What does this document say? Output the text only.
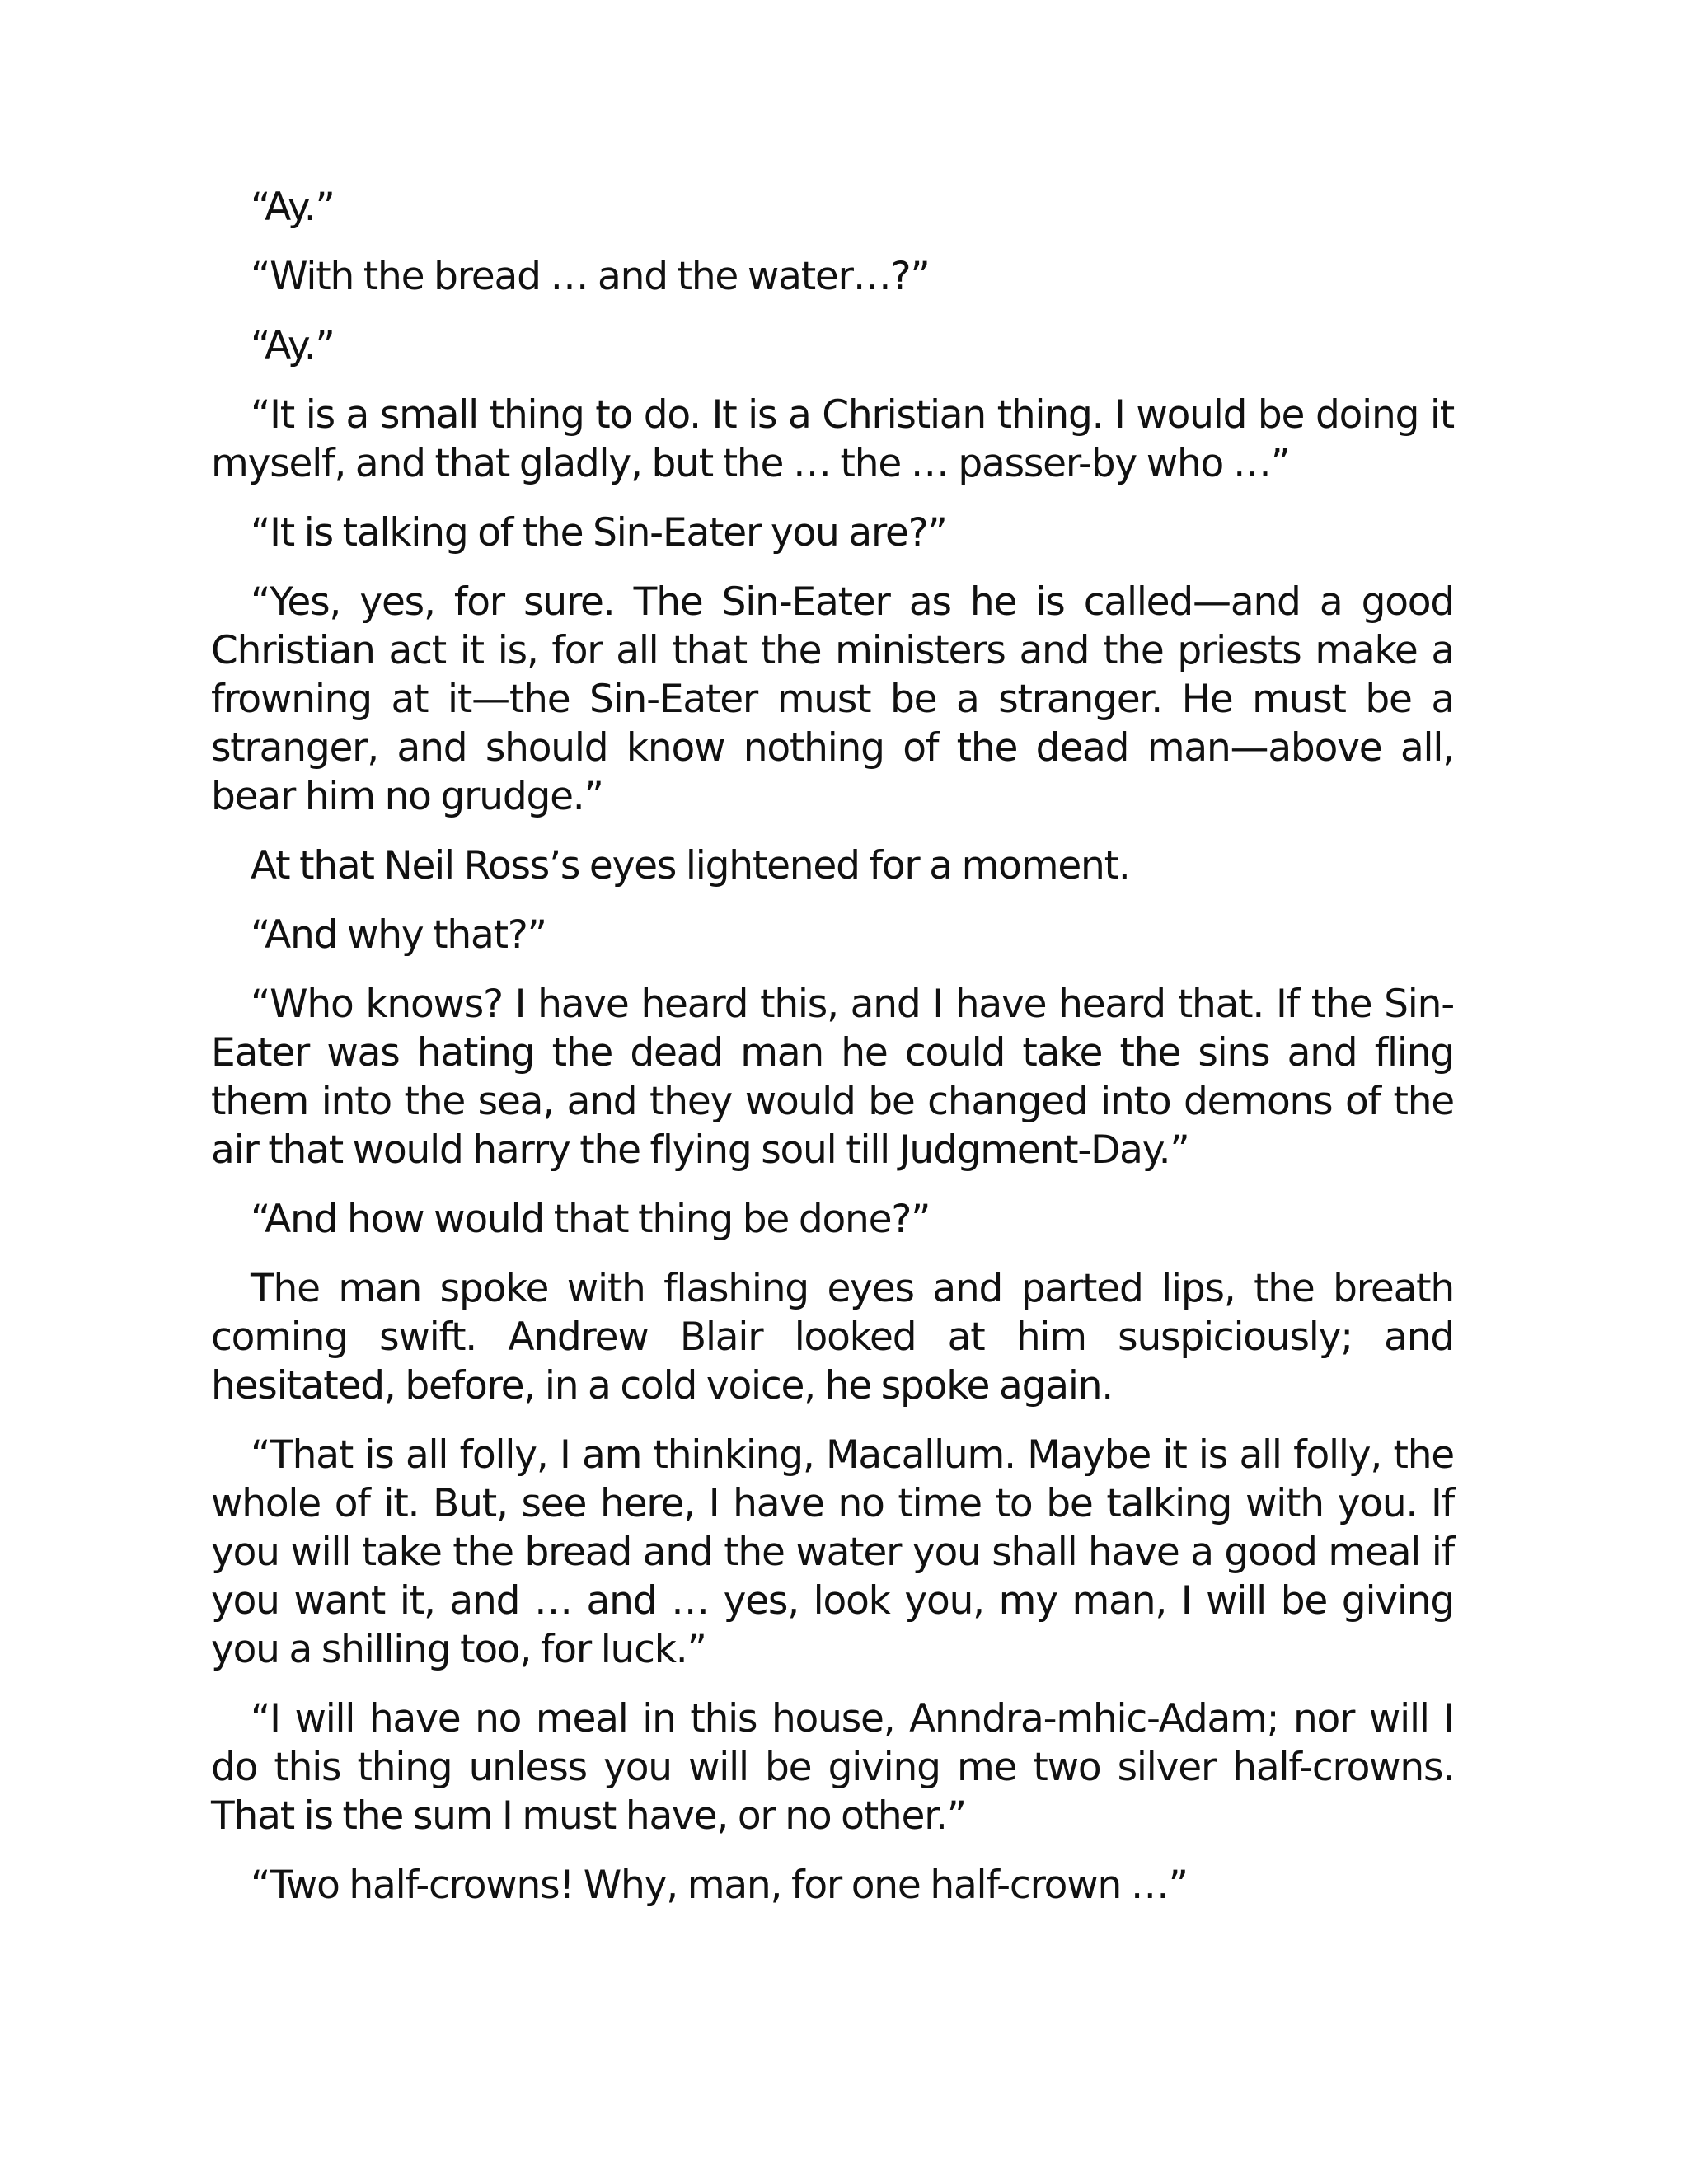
“Ay.”

“With the bread … and the water…?”

“Ay.”

“It is a small thing to do. It is a Christian thing. I would be doing it myself, and that gladly, but the … the … passer-by who …”

“It is talking of the Sin-Eater you are?”

“Yes, yes, for sure. The Sin-Eater as he is called—and a good Christian act it is, for all that the ministers and the priests make a frowning at it—the Sin-Eater must be a stranger. He must be a stranger, and should know nothing of the dead man—above all, bear him no grudge.”

At that Neil Ross’s eyes lightened for a moment.

“And why that?”

“Who knows? I have heard this, and I have heard that. If the Sin-Eater was hating the dead man he could take the sins and fling them into the sea, and they would be changed into demons of the air that would harry the flying soul till Judgment-Day.”

“And how would that thing be done?”

The man spoke with flashing eyes and parted lips, the breath coming swift. Andrew Blair looked at him suspiciously; and hesitated, before, in a cold voice, he spoke again.

“That is all folly, I am thinking, Macallum. Maybe it is all folly, the whole of it. But, see here, I have no time to be talking with you. If you will take the bread and the water you shall have a good meal if you want it, and … and … yes, look you, my man, I will be giving you a shilling too, for luck.”

“I will have no meal in this house, Anndra-mhic-Adam; nor will I do this thing unless you will be giving me two silver half-crowns. That is the sum I must have, or no other.”

“Two half-crowns! Why, man, for one half-crown …”
